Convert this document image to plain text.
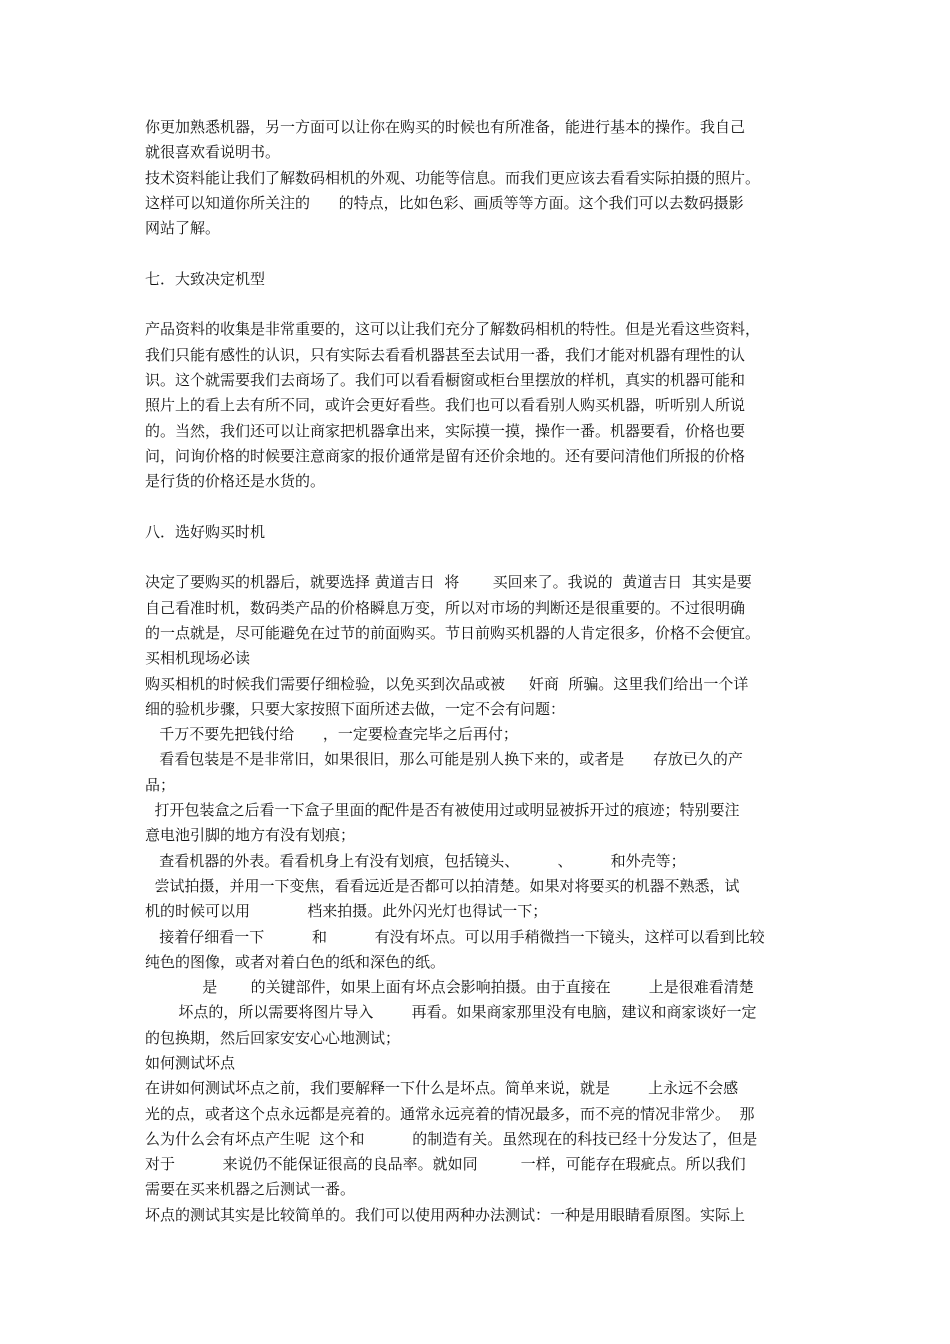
你更加熟悉机器，另一方面可以让你在购买的时候也有所准备，能进行基本的操作。我自己
就很喜欢看说明书。
技术资料能让我们了解数码相机的外观、功能等信息。而我们更应该去看看实际拍摄的照片。
这样可以知道你所关注的      的特点，比如色彩、画质等等方面。这个我们可以去数码摄影
网站了解。
七．大致决定机型
产品资料的收集是非常重要的，这可以让我们充分了解数码相机的特性。但是光看这些资料，
我们只能有感性的认识，只有实际去看看机器甚至去试用一番，我们才能对机器有理性的认
识。这个就需要我们去商场了。我们可以看看橱窗或柜台里摆放的样机，真实的机器可能和
照片上的看上去有所不同，或许会更好看些。我们也可以看看别人购买机器，听听别人所说
的。当然，我们还可以让商家把机器拿出来，实际摸一摸，操作一番。机器要看，价格也要
问，问询价格的时候要注意商家的报价通常是留有还价余地的。还有要问清他们所报的价格
是行货的价格还是水货的。
八．选好购买时机
决定了要购买的机器后，就要选择 黄道吉日  将       买回来了。我说的  黄道吉日  其实是要
自己看准时机，数码类产品的价格瞬息万变，所以对市场的判断还是很重要的。不过很明确
的一点就是，尽可能避免在过节的前面购买。节日前购买机器的人肯定很多，价格不会便宜。
买相机现场必读
购买相机的时候我们需要仔细检验，以免买到次品或被     奸商  所骗。这里我们给出一个详
细的验机步骤，只要大家按照下面所述去做，一定不会有问题：
千万不要先把钱付给      ，一定要检查完毕之后再付；
看看包装是不是非常旧，如果很旧，那么可能是别人换下来的，或者是      存放已久的产
品；
打开包装盒之后看一下盒子里面的配件是否有被使用过或明显被拆开过的痕迹；特别要注
意电池引脚的地方有没有划痕；
查看机器的外表。看看机身上有没有划痕，包括镜头、        、        和外壳等；
尝试拍摄，并用一下变焦，看看远近是否都可以拍清楚。如果对将要买的机器不熟悉，试
机的时候可以用            档来拍摄。此外闪光灯也得试一下；
接着仔细看一下          和          有没有坏点。可以用手稍微挡一下镜头，这样可以看到比较
纯色的图像，或者对着白色的纸和深色的纸。
是       的关键部件，如果上面有坏点会影响拍摄。由于直接在        上是很难看清楚
坏点的，所以需要将图片导入        再看。如果商家那里没有电脑，建议和商家谈好一定
的包换期，然后回家安安心心地测试；
如何测试坏点
在讲如何测试坏点之前，我们要解释一下什么是坏点。简单来说，就是        上永远不会感
光的点，或者这个点永远都是亮着的。通常永远亮着的情况最多，而不亮的情况非常少。  那
么为什么会有坏点产生呢  这个和          的制造有关。虽然现在的科技已经十分发达了，但是
对于          来说仍不能保证很高的良品率。就如同         一样，可能存在瑕疵点。所以我们
需要在买来机器之后测试一番。
坏点的测试其实是比较简单的。我们可以使用两种办法测试：一种是用眼睛看原图。实际上
